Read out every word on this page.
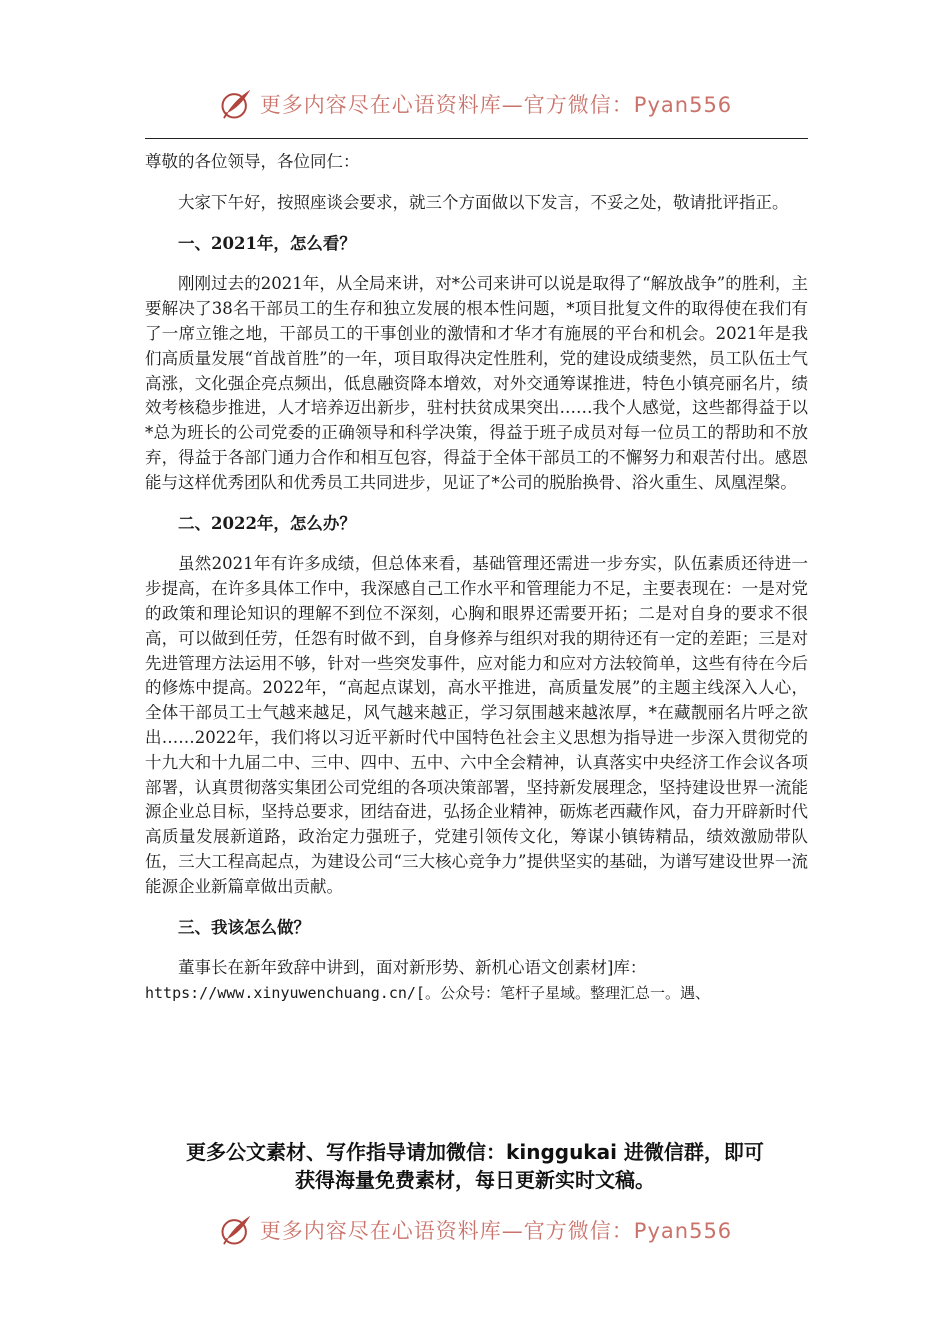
更多内容尽在心语资料库—官方微信：Pyan556

尊敬的各位领导，各位同仁：

大家下午好，按照座谈会要求，就三个方面做以下发言，不妥之处，敬请批评指正。

一、2021年，怎么看？

刚刚过去的2021年，从全局来讲，对*公司来讲可以说是取得了“解放战争”的胜利，主要解决了38名干部员工的生存和独立发展的根本性问题，*项目批复文件的取得使在我们有了一席立锥之地，干部员工的干事创业的激情和才华才有施展的平台和机会。2021年是我们高质量发展“首战首胜”的一年，项目取得决定性胜利，党的建设成绩斐然，员工队伍士气高涨，文化强企亮点频出，低息融资降本增效，对外交通筹谋推进，特色小镇亮丽名片，绩效考核稳步推进，人才培养迈出新步，驻村扶贫成果突出……我个人感觉，这些都得益于以*总为班长的公司党委的正确领导和科学决策，得益于班子成员对每一位员工的帮助和不放弃，得益于各部门通力合作和相互包容，得益于全体干部员工的不懈努力和艰苦付出。感恩能与这样优秀团队和优秀员工共同进步，见证了*公司的脱胎换骨、浴火重生、凤凰涅槃。

二、2022年，怎么办？

虽然2021年有许多成绩，但总体来看，基础管理还需进一步夯实，队伍素质还待进一步提高，在许多具体工作中，我深感自己工作水平和管理能力不足，主要表现在：一是对党的政策和理论知识的理解不到位不深刻，心胸和眼界还需要开拓；二是对自身的要求不很高，可以做到任劳，任怨有时做不到，自身修养与组织对我的期待还有一定的差距；三是对先进管理方法运用不够，针对一些突发事件，应对能力和应对方法较简单，这些有待在今后的修炼中提高。2022年，“高起点谋划，高水平推进，高质量发展”的主题主线深入人心，全体干部员工士气越来越足，风气越来越正，学习氛围越来越浓厚，*在藏靓丽名片呼之欲出……2022年，我们将以习近平新时代中国特色社会主义思想为指导进一步深入贯彻党的十九大和十九届二中、三中、四中、五中、六中全会精神，认真落实中央经济工作会议各项部署，认真贯彻落实集团公司党组的各项决策部署，坚持新发展理念，坚持建设世界一流能源企业总目标，坚持总要求，团结奋进，弘扬企业精神，砺炼老西藏作风，奋力开辟新时代高质量发展新道路，政治定力强班子，党建引领传文化，筹谋小镇铸精品，绩效激励带队伍，三大工程高起点，为建设公司“三大核心竞争力”提供坚实的基础，为谱写建设世界一流能源企业新篇章做出贡献。

三、我该怎么做？

董事长在新年致辞中讲到，面对新形势、新机心语文创素材]库：

https://www.xinyuwenchuang.cn/[。公众号：笔杆子星域。整理汇总一。遇、

更多公文素材、写作指导请加微信：kinggukai 进微信群，即可

获得海量免费素材，每日更新实时文稿。

更多内容尽在心语资料库—官方微信：Pyan556
